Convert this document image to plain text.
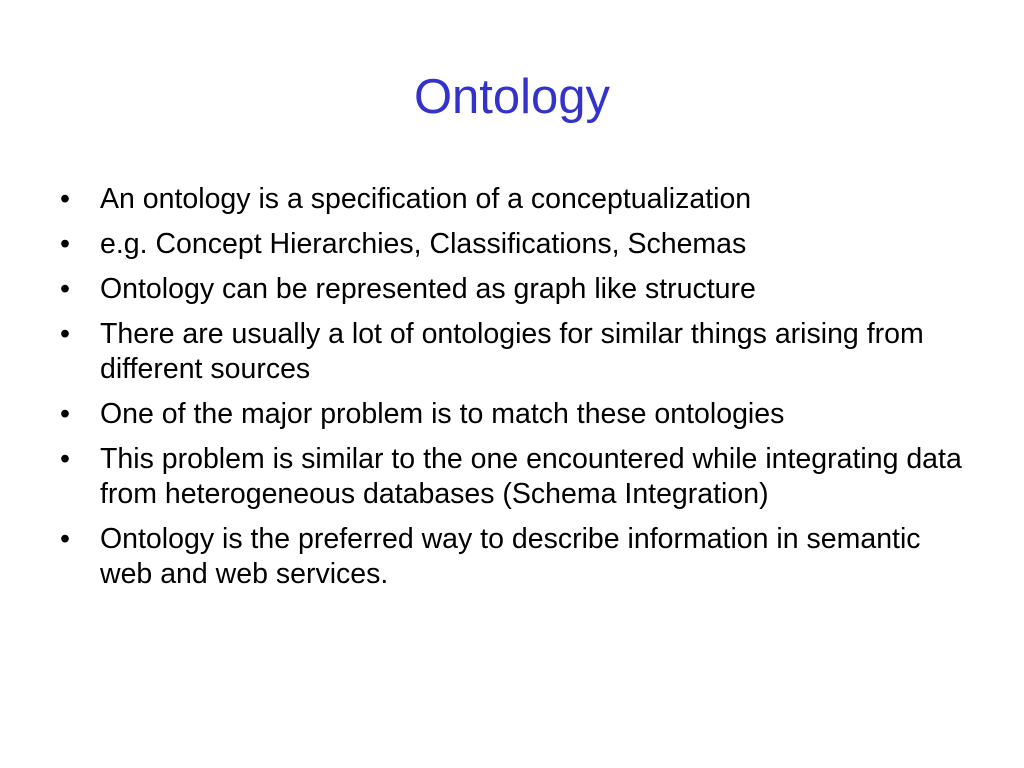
Ontology
•	An ontology is a specification of a conceptualization
•	e.g. Concept Hierarchies, Classifications, Schemas
•	Ontology can be represented as graph like structure
•	There are usually a lot of ontologies for similar things arising from different sources
•	One of the major problem is to match these ontologies
•	This problem is similar to the one encountered while integrating data from heterogeneous databases (Schema Integration)
•	Ontology is the preferred way to describe information in semantic web and web services.
